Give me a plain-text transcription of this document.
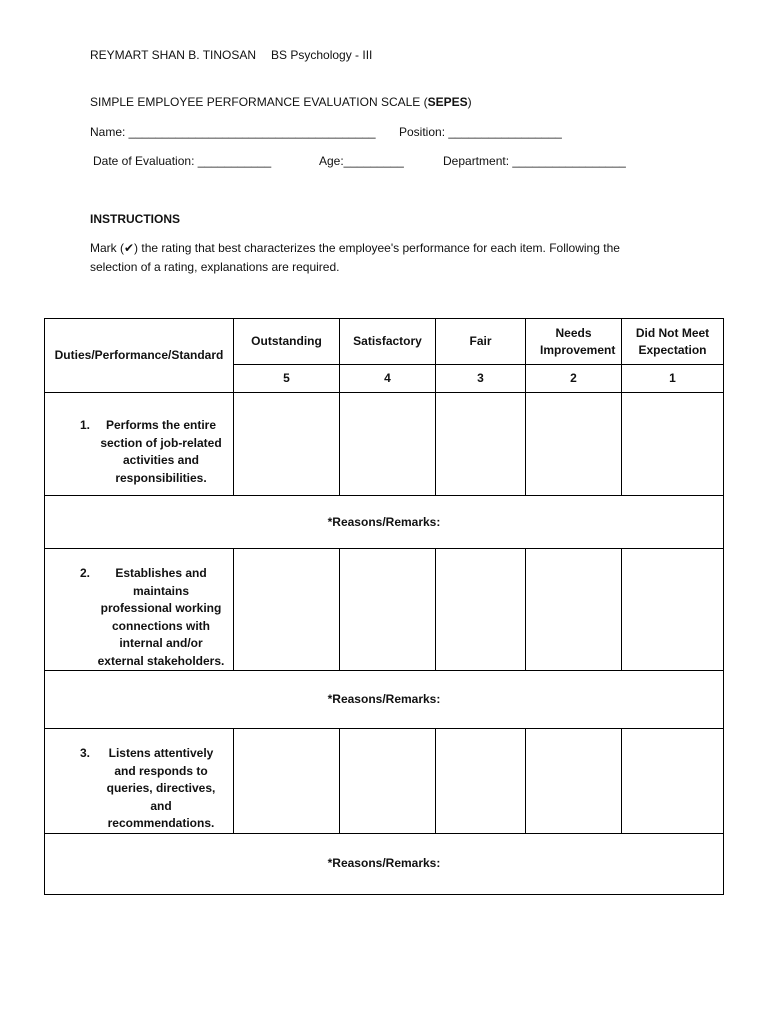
REYMART SHAN B. TINOSAN BS Psychology - III
SIMPLE EMPLOYEE PERFORMANCE EVALUATION SCALE (SEPES)
Name: _____________________________________ Position: _________________
Date of Evaluation: ___________	Age:_________	Department: _________________
INSTRUCTIONS
Mark (✔) the rating that best characterizes the employee's performance for each item. Following the
selection of a rating, explanations are required.
Duties/Performance/Standard	Outstanding	Satisfactory	Fair	Needs Improvement	Did Not Meet Expectation
	5	4	3	2	1

1. Performs the entire section of job-related activities and responsibilities.					

*Reasons/Remarks:					

2. Establishes and maintains professional working connections with internal and/or external stakeholders.					

*Reasons/Remarks:					

3. Listens attentively and responds to queries, directives, and recommendations.					

*Reasons/Remarks:					
